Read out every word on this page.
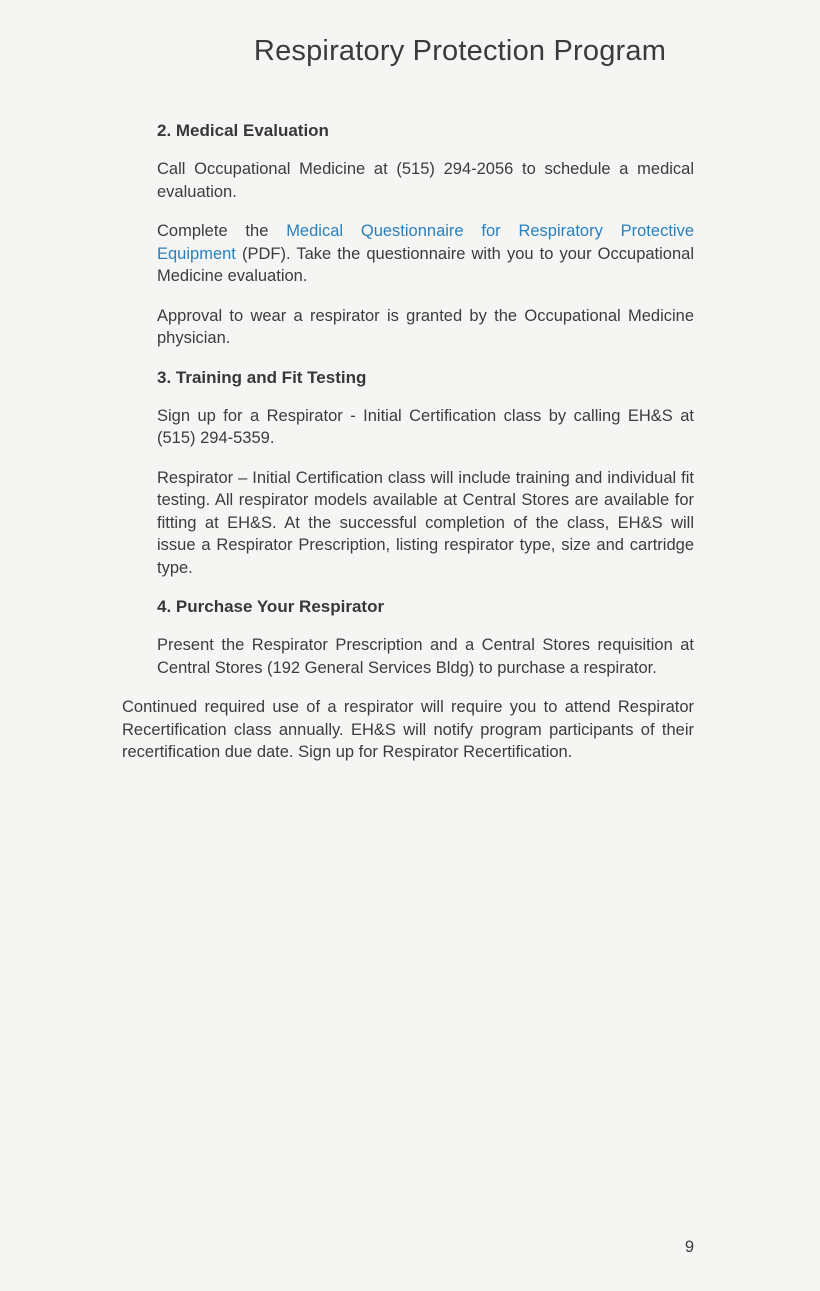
Respiratory Protection Program
2. Medical Evaluation

Call Occupational Medicine at (515) 294-2056 to schedule a medical evaluation.

Complete the Medical Questionnaire for Respiratory Protective Equipment (PDF). Take the questionnaire with you to your Occupational Medicine evaluation.

Approval to wear a respirator is granted by the Occupational Medicine physician.

3. Training and Fit Testing

Sign up for a Respirator - Initial Certification class by calling EH&S at (515) 294-5359.

Respirator – Initial Certification class will include training and individual fit testing. All respirator models available at Central Stores are available for fitting at EH&S. At the successful completion of the class, EH&S will issue a Respirator Prescription, listing respirator type, size and cartridge type.

4. Purchase Your Respirator

Present the Respirator Prescription and a Central Stores requisition at Central Stores (192 General Services Bldg) to purchase a respirator.

Continued required use of a respirator will require you to attend Respirator Recertification class annually. EH&S will notify program participants of their recertification due date. Sign up for Respirator Recertification.

9
